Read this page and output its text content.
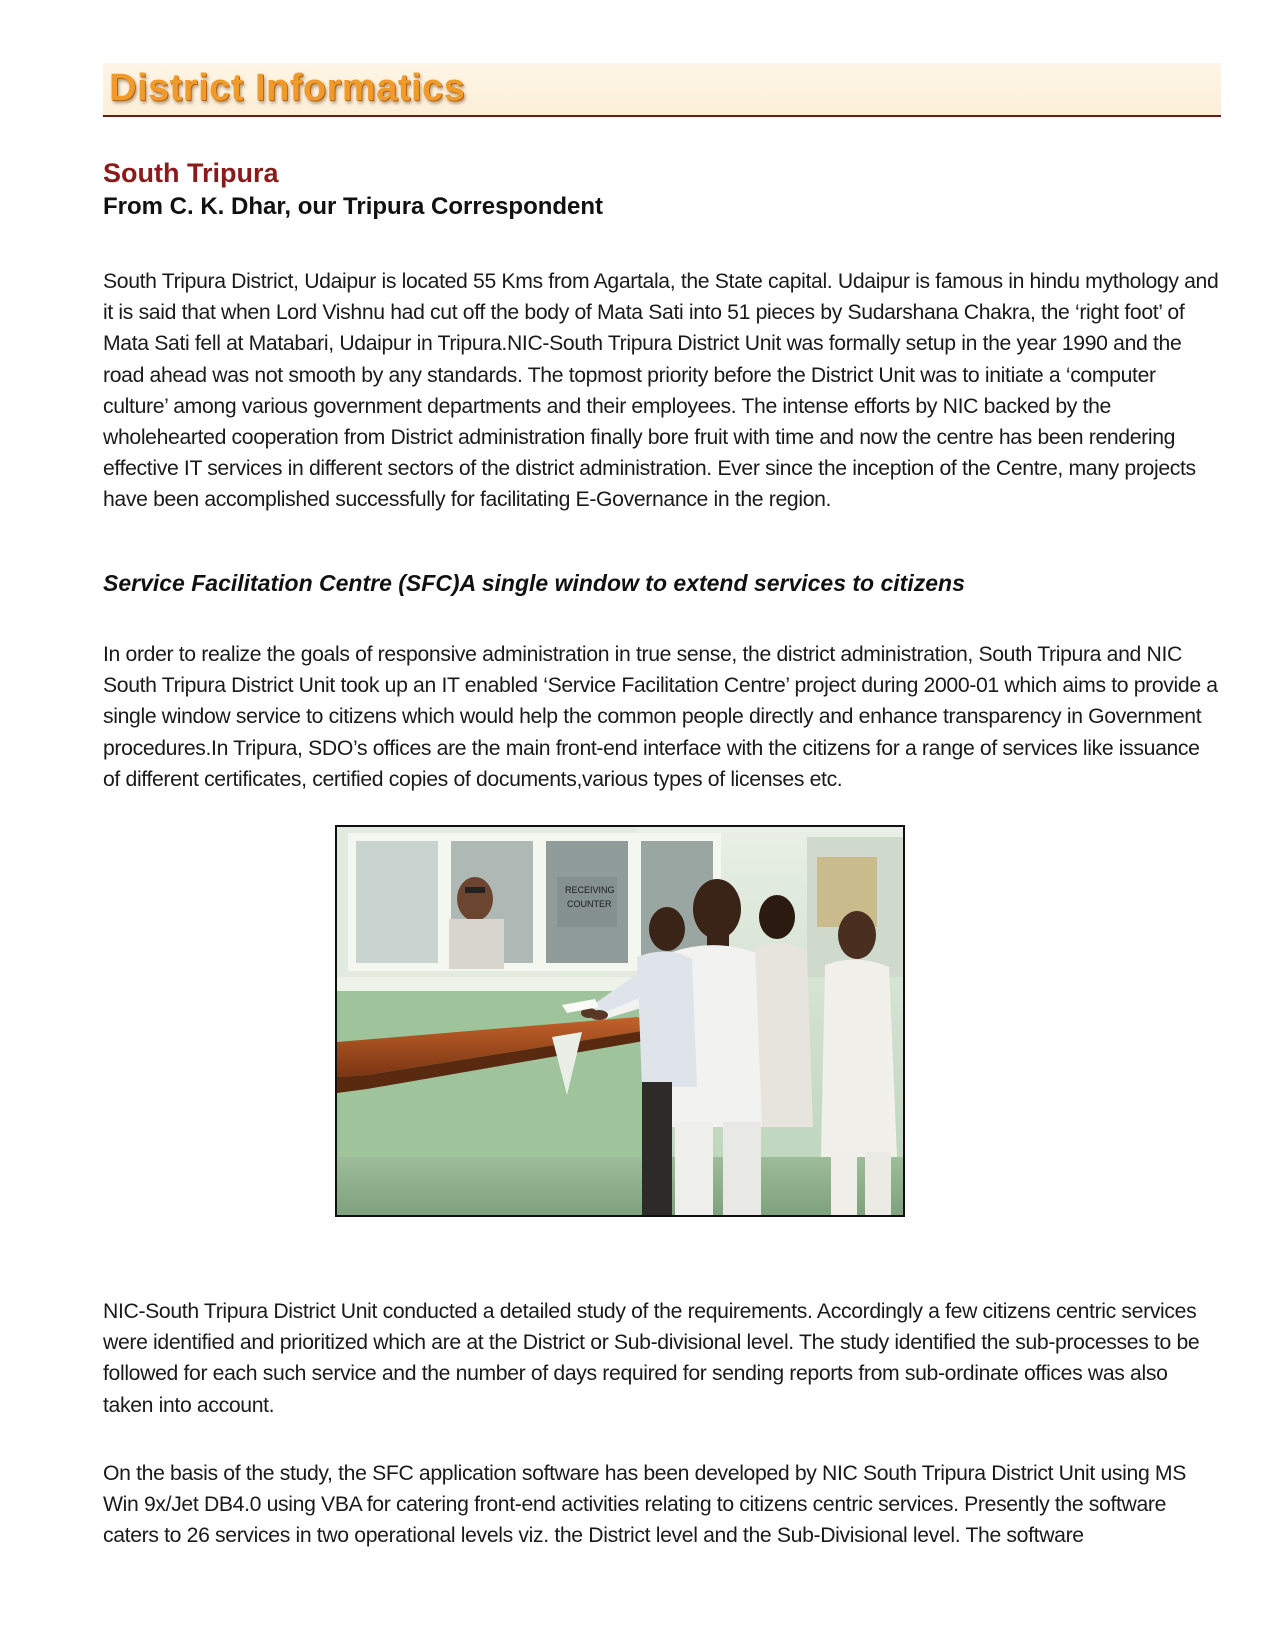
District Informatics
South Tripura
From C. K. Dhar, our Tripura Correspondent

South Tripura District, Udaipur is located 55 Kms from Agartala, the State capital. Udaipur is famous in hindu mythology and it is said that when Lord Vishnu had cut off the body of Mata Sati into 51 pieces by Sudarshana Chakra, the ‘right foot’ of Mata Sati fell at Matabari, Udaipur in Tripura.NIC-South Tripura District Unit was formally setup in the year 1990 and the road ahead was not smooth by any standards. The topmost priority before the District Unit was to initiate a ‘computer culture’ among various government departments and their employees. The intense efforts by NIC backed by the wholehearted cooperation from District administration finally bore fruit with time and now the centre has been rendering effective IT services in different sectors of the district administration. Ever since the inception of the Centre, many projects have been accomplished successfully for facilitating E-Governance in the region.

Service Facilitation Centre (SFC)A single window to extend services to citizens

In order to realize the goals of responsive administration in true sense, the district administration, South Tripura and NIC South Tripura District Unit took up an IT enabled ‘Service Facilitation Centre’ project during 2000-01 which aims to provide a single window service to citizens which would help the common people directly and enhance transparency in Government procedures.In Tripura, SDO’s offices are the main front-end interface with the citizens for a range of services like issuance of different certificates, certified copies of documents,various types of licenses etc.

RECEIVING
COUNTER

NIC-South Tripura District Unit conducted a detailed study of the requirements. Accordingly a few citizens centric services were identified and prioritized which are at the District or Sub-divisional level. The study identified the sub-processes to be followed for each such service and the number of days required for sending reports from sub-ordinate offices was also taken into account.

On the basis of the study, the SFC application software has been developed by NIC South Tripura District Unit using MS Win 9x/Jet DB4.0 using VBA for catering front-end activities relating to citizens centric services. Presently the software caters to 26 services in two operational levels viz. the District level and the Sub-Divisional level. The software
